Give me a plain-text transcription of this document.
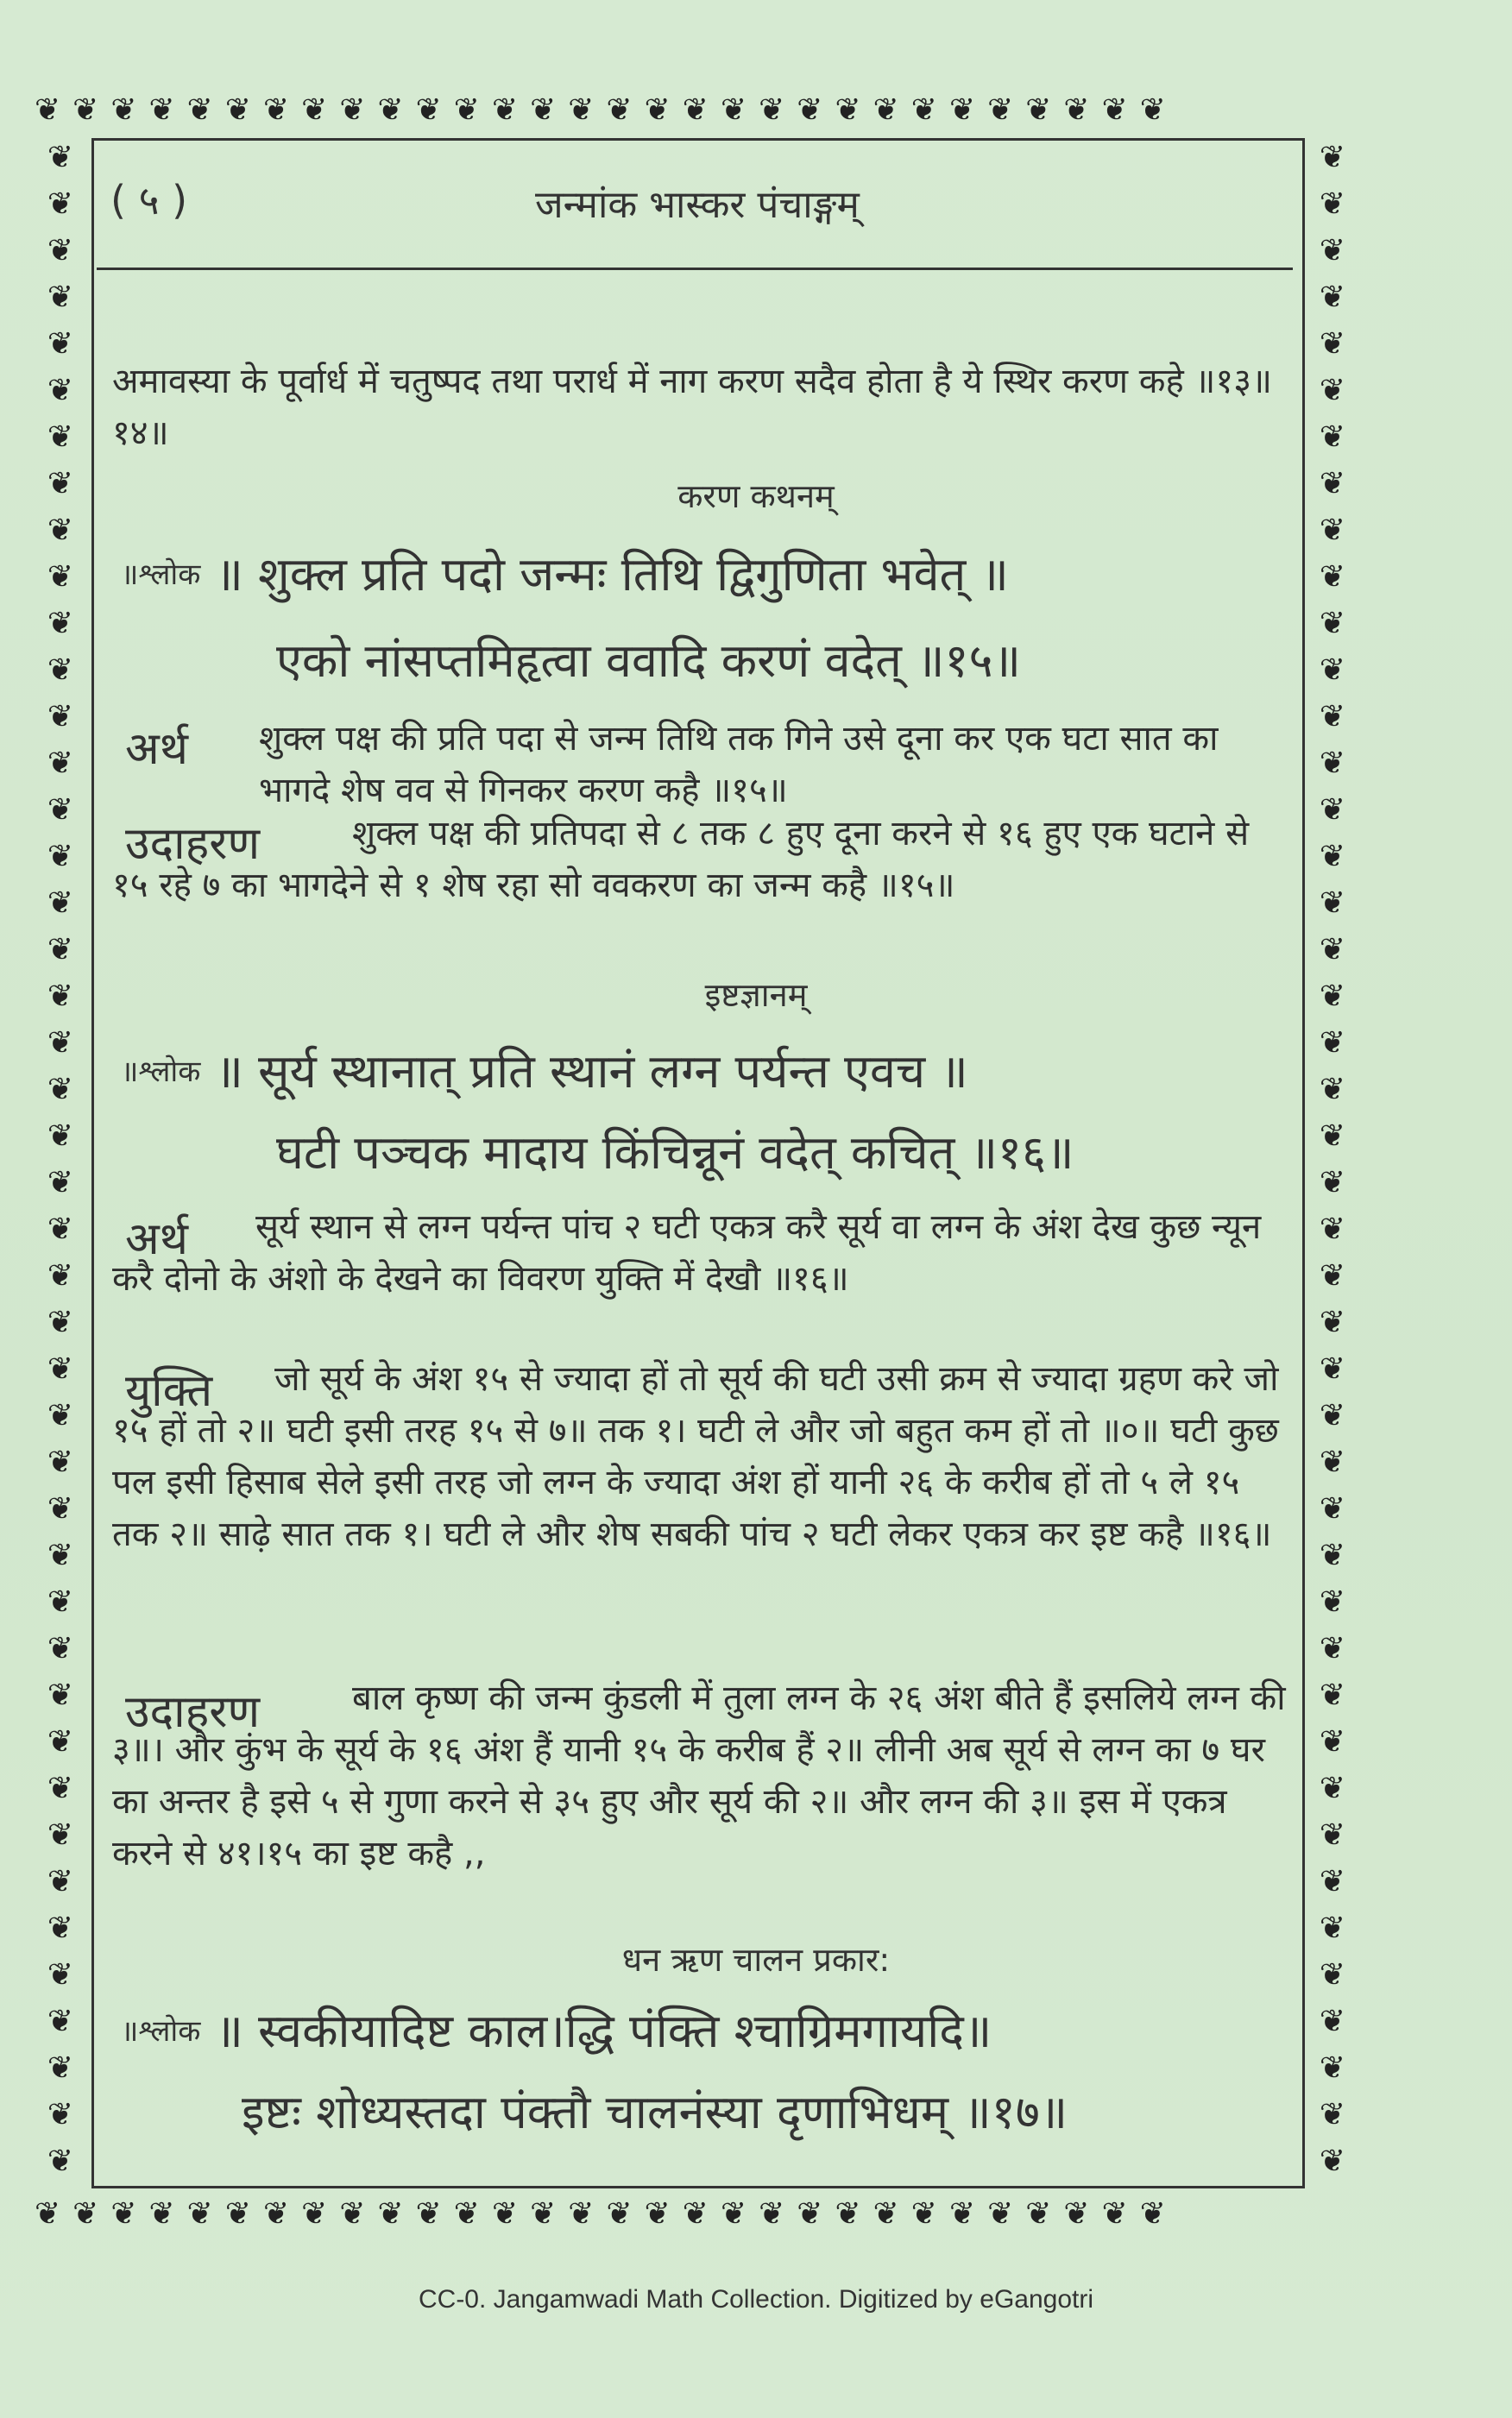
❦❦❦❦❦❦❦❦❦❦❦❦❦❦❦❦❦❦❦❦❦❦❦❦❦❦❦❦❦❦
❦❦❦❦❦❦❦❦❦❦❦❦❦❦❦❦❦❦❦❦❦❦❦❦❦❦❦❦❦❦
❦❦❦❦❦❦❦❦❦❦❦❦❦❦❦❦❦❦❦❦❦❦❦❦❦❦❦❦❦❦❦❦❦❦❦❦❦❦❦❦❦❦❦❦
❦❦❦❦❦❦❦❦❦❦❦❦❦❦❦❦❦❦❦❦❦❦❦❦❦❦❦❦❦❦❦❦❦❦❦❦❦❦❦❦❦❦❦❦
( ५ )	जन्मांक भास्कर पंचाङ्गम्
अमावस्या के पूर्वार्ध में चतुष्पद तथा परार्ध में नाग करण सदैव होता है ये स्थिर करण कहे ॥१३॥१४॥
करण कथनम्
$^{॥श्लोक}$ ॥ शुक्ल प्रति पदो जन्मः तिथि द्विगुणिता भवेत् ॥
एको नांसप्तमिहृत्वा ववादि करणं वदेत् ॥१५॥
अर्थ शुक्ल पक्ष की प्रति पदा से जन्म तिथि तक गिने उसे दूना कर एक घटा सात का भागदे शेष वव से गिनकर करण कहै ॥१५॥
उदाहरण	शुक्ल पक्ष की प्रतिपदा से ८ तक ८ हुए दूना करने से १६ हुए एक घटाने से १५ रहे ७ का भागदेने से १ शेष रहा सो ववकरण का जन्म कहै ॥१५॥
इष्टज्ञानम्
$^{॥श्लोक}$ ॥ सूर्य स्थानात् प्रति स्थानं लग्न पर्यन्त एवच ॥
घटी पञ्चक मादाय किंचिन्नूनं वदेत् कचित् ॥१६॥
अर्थ	सूर्य स्थान से लग्न पर्यन्त पांच २ घटी एकत्र करै सूर्य वा लग्न के अंश देख कुछ न्यून करै दोनो के अंशो के देखने का विवरण युक्ति में देखौ ॥१६॥
युक्ति	जो सूर्य के अंश १५ से ज्यादा हों तो सूर्य की घटी उसी क्रम से ज्यादा ग्रहण करे जो १५ हों तो २॥ घटी इसी तरह १५ से ७॥ तक १। घटी ले और जो बहुत कम हों तो ॥०॥ घटी कुछ पल इसी हिसाब सेले इसी तरह जो लग्न के ज्यादा अंश हों यानी २६ के करीब हों तो ५ ले १५ तक २॥ साढ़े सात तक १। घटी ले और शेष सबकी पांच २ घटी लेकर एकत्र कर इष्ट कहै ॥१६॥
उदाहरण	बाल कृष्ण की जन्म कुंडली में तुला लग्न के २६ अंश बीते हैं इसलिये लग्न की ३॥। और कुंभ के सूर्य के १६ अंश हैं यानी १५ के करीब हैं २॥ लीनी अब सूर्य से लग्न का ७ घर का अन्तर है इसे ५ से गुणा करने से ३५ हुए और सूर्य की २॥ और लग्न की ३॥ इस में एकत्र करने से ४१।१५ का इष्ट कहै ,,
धन ऋण चालन प्रकार:
$^{॥श्लोक}$ ॥ स्वकीयादिष्ट काल।द्धि पंक्ति श्चाग्रिमगायदि॥
इष्टः शोध्यस्तदा पंक्तौ चालनंस्या दृणाभिधम् ॥१७॥
CC-0. Jangamwadi Math Collection. Digitized by eGangotri
